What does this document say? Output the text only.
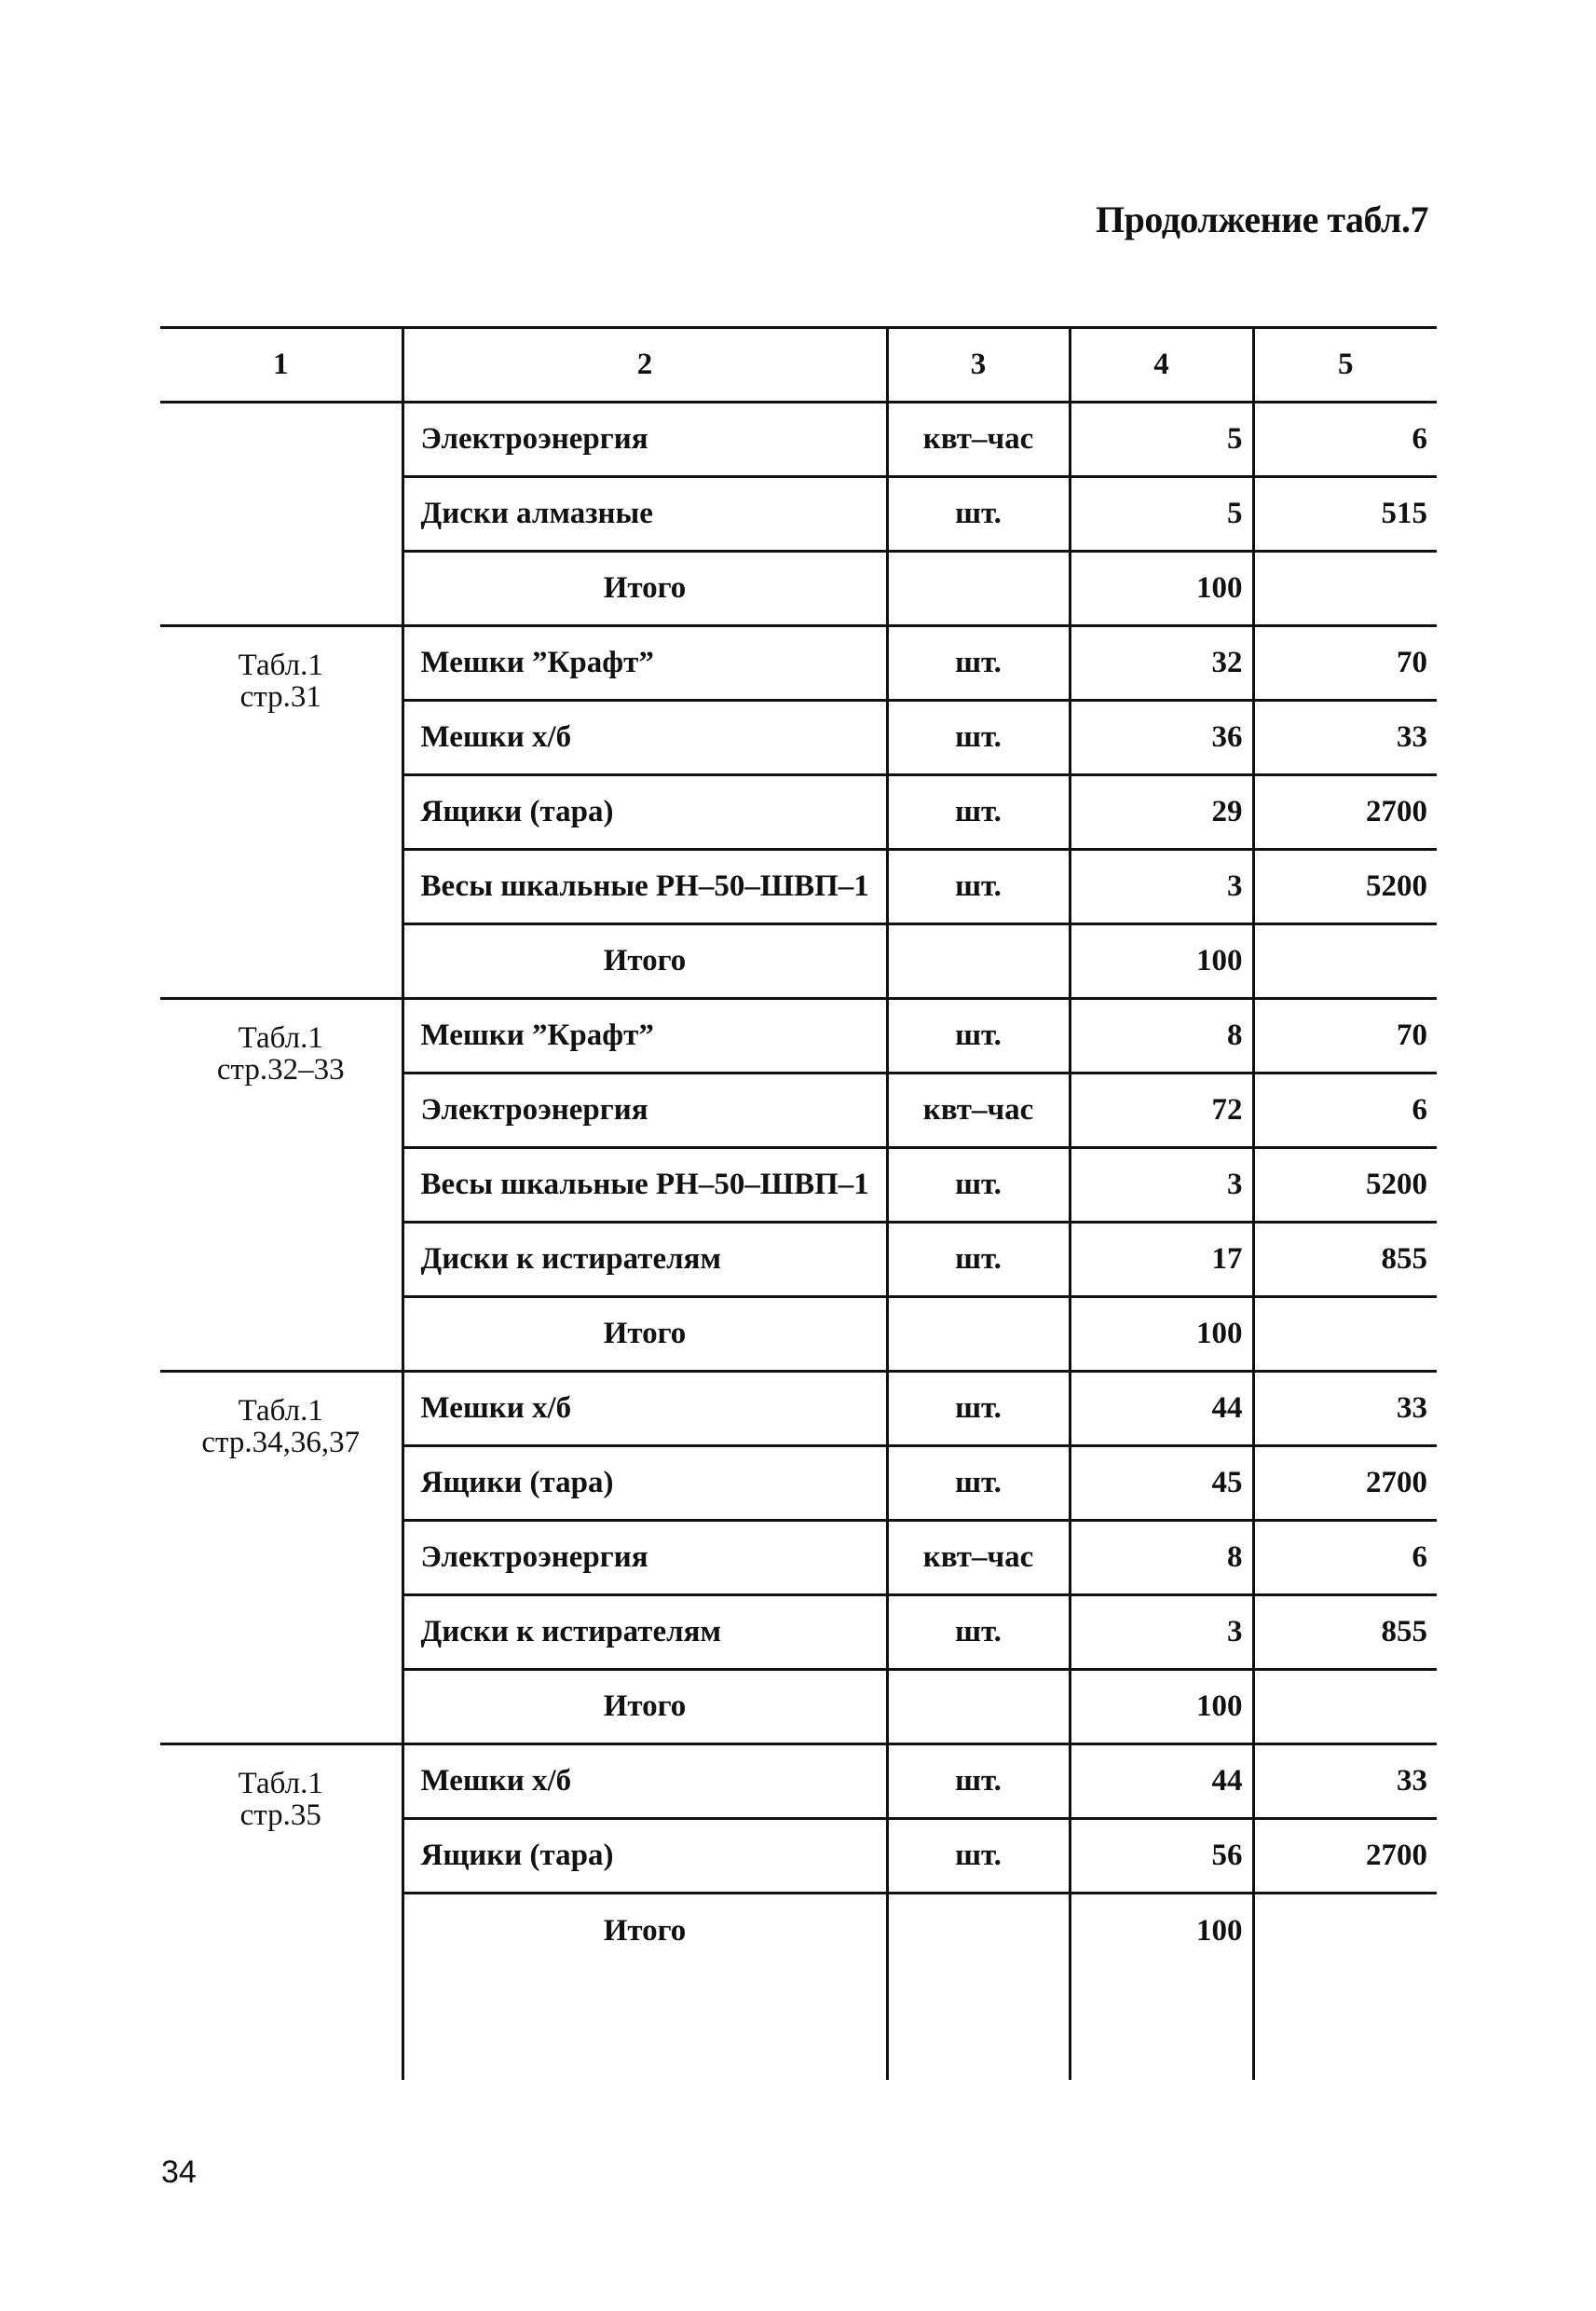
Продолжение табл.7
1	2	3	4	5

	Электроэнергия	квт–час	5	6
	Диски алмазные	шт.	5	515
	Итого		100	

Табл.1
стр.31	Мешки ”Крафт”	шт.	32	70
	Мешки х/б	шт.	36	33
	Ящики (тара)	шт.	29	2700
	Весы шкальные РН–50–ШВП–1	шт.	3	5200
	Итого		100	

Табл.1
стр.32–33	Мешки ”Крафт”	шт.	8	70
	Электроэнергия	квт–час	72	6
	Весы шкальные РН–50–ШВП–1	шт.	3	5200
	Диски к истирателям	шт.	17	855
	Итого		100	

Табл.1
стр.34,36,37	Мешки х/б	шт.	44	33
	Ящики (тара)	шт.	45	2700
	Электроэнергия	квт–час	8	6
	Диски к истирателям	шт.	3	855
	Итого		100	

Табл.1
стр.35	Мешки х/б	шт.	44	33
	Ящики (тара)	шт.	56	2700
	Итого		100	

34
